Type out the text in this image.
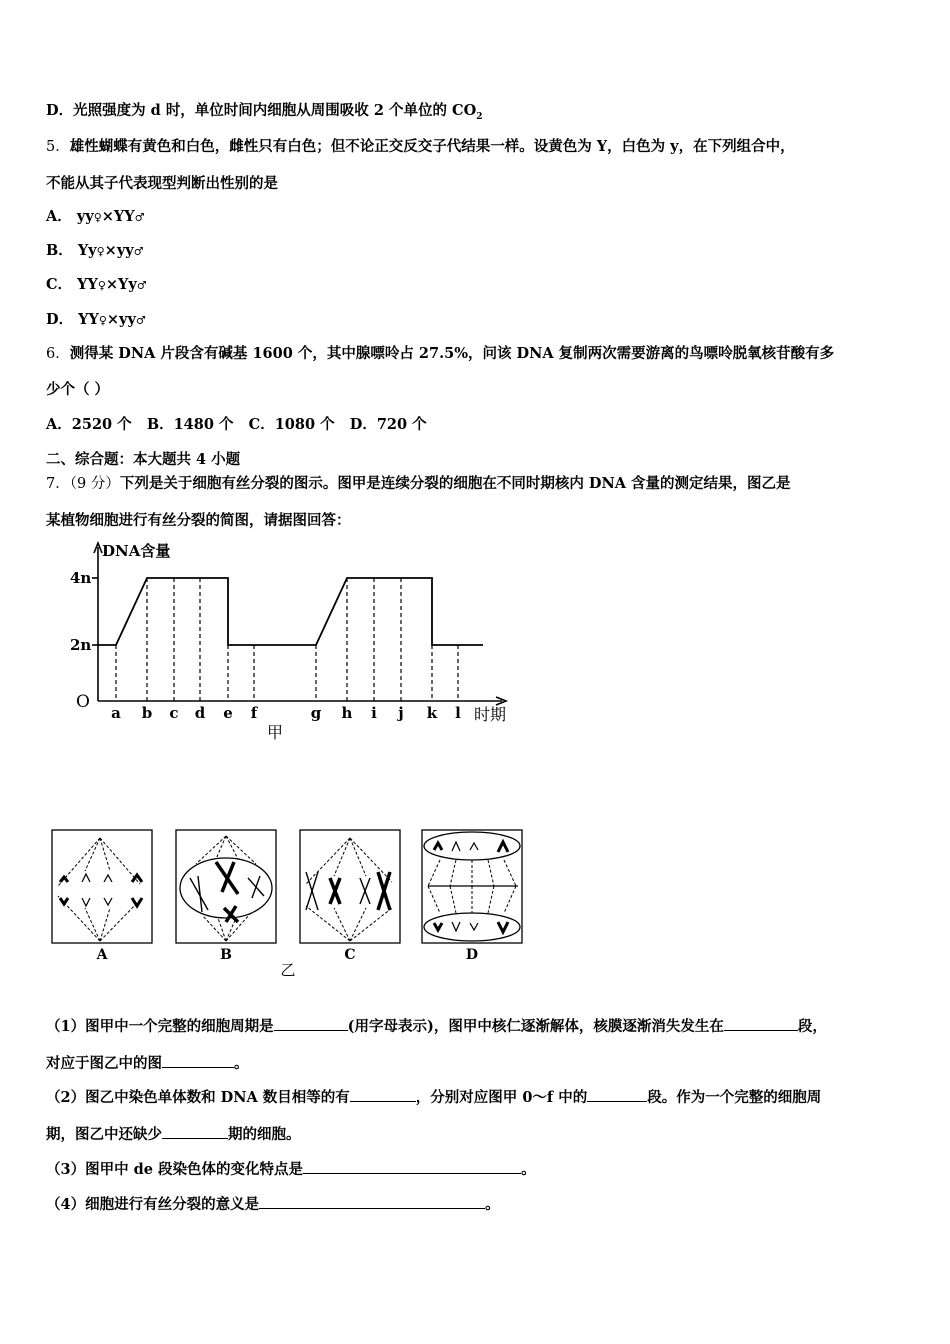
D．光照强度为 d 时，单位时间内细胞从周围吸收 2 个单位的 $CO_2$
5．雄性蝴蝶有黄色和白色，雌性只有白色；但不论正交反交子代结果一样。设黄色为 Y，白色为 y，在下列组合中，
不能从其子代表现型判断出性别的是
A． yy♀×YY♂
B． Yy♀×yy♂
C． YY♀×Yy♂
D． YY♀×yy♂
6．测得某 DNA 片段含有碱基 1600 个，其中腺嘌呤占 27.5%，问该 DNA 复制两次需要游离的鸟嘌呤脱氧核苷酸有多
少个（ ）
A．2520 个 B．1480 个 C．1080 个 D．720 个
二、综合题：本大题共 4 小题
7．（9 分）下列是关于细胞有丝分裂的图示。图甲是连续分裂的细胞在不同时期核内 DNA 含量的测定结果，图乙是
某植物细胞进行有丝分裂的简图，请据图回答：
DNA含量
4n
2n
O
a b c d e f	g h i j k l 时期
甲
A	B	C	D
乙
（1）图甲中一个完整的细胞周期是	(用字母表示)，图甲中核仁逐渐解体，核膜逐渐消失发生在	段，
对应于图乙中的图	。
（2）图乙中染色单体数和 DNA 数目相等的有	，分别对应图甲 0～f 中的	段。作为一个完整的细胞周
期，图乙中还缺少	期的细胞。
（3）图甲中 de 段染色体的变化特点是	。
（4）细胞进行有丝分裂的意义是	。
